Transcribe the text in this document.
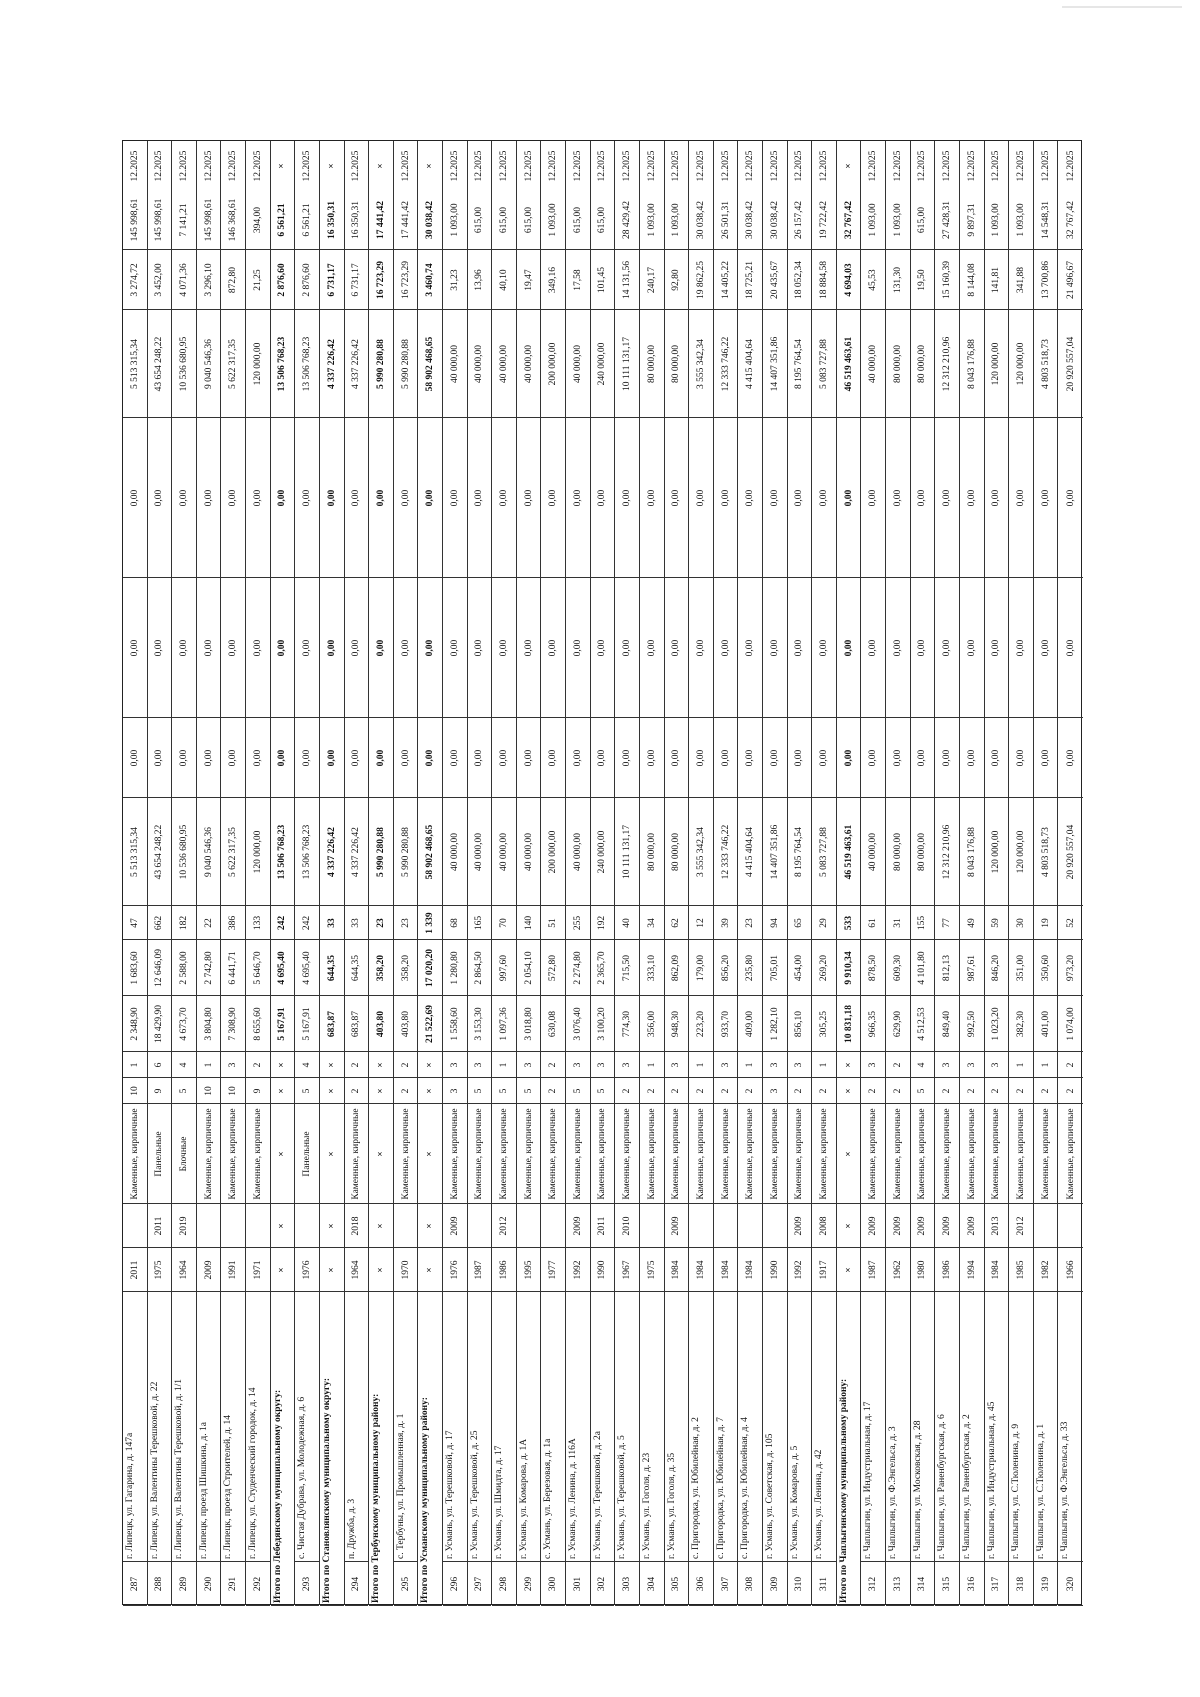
287
г. Липецк, ул. Гагарина, д. 147а
2011
Каменные, кирпичные
10
1
2 348,90
1 683,60
47
5 513 315,34
0,00
0,00
0,00
5 513 315,34
3 274,72
145 998,61
12.2025
288
г. Липецк, ул. Валентины Терешковой, д. 22
1975
2011
Панельные
9
6
18 429,90
12 646,09
662
43 654 248,22
0,00
0,00
0,00
43 654 248,22
3 452,00
145 998,61
12.2025
289
г. Липецк, ул. Валентины Терешковой, д. 1/1
1964
2019
Блочные
5
4
4 673,70
2 588,00
182
10 536 680,95
0,00
0,00
0,00
10 536 680,95
4 071,36
7 141,21
12.2025
290
г. Липецк, проезд Шишкина, д. 1а
2009
Каменные, кирпичные
10
1
3 804,80
2 742,80
22
9 040 546,36
0,00
0,00
0,00
9 040 546,36
3 296,10
145 998,61
12.2025
291
г. Липецк, проезд Строителей, д. 14
1991
Каменные, кирпичные
10
3
7 308,90
6 441,71
386
5 622 317,35
0,00
0,00
0,00
5 622 317,35
872,80
146 368,61
12.2025
292
г. Липецк, ул. Студенческий городок, д. 14
1971
Каменные, кирпичные
9
2
8 655,60
5 646,70
133
120 000,00
0,00
0,00
0,00
120 000,00
21,25
394,00
12.2025
Итого по Лебедянскому муниципальному округу:
×
×
×
×
×
5 167,91
4 695,40
242
13 506 768,23
0,00
0,00
0,00
13 506 768,23
2 876,60
6 561,21
×
293
с. Чистая Дубрава, ул. Молодежная, д. 6
1976
Панельные
5
4
5 167,91
4 695,40
242
13 506 768,23
0,00
0,00
0,00
13 506 768,23
2 876,60
6 561,21
12.2025
Итого по Становлянскому муниципальному округу:
×
×
×
×
×
683,87
644,35
33
4 337 226,42
0,00
0,00
0,00
4 337 226,42
6 731,17
16 350,31
×
294
п. Дружба, д. 3
1964
2018
Каменные, кирпичные
2
2
683,87
644,35
33
4 337 226,42
0,00
0,00
0,00
4 337 226,42
6 731,17
16 350,31
12.2025
Итого по Тербунскому муниципальному району:
×
×
×
×
×
403,80
358,20
23
5 990 280,88
0,00
0,00
0,00
5 990 280,88
16 723,29
17 441,42
×
295
с. Тербуны, ул. Промышленная, д. 1
1970
Каменные, кирпичные
2
2
403,80
358,20
23
5 990 280,88
0,00
0,00
0,00
5 990 280,88
16 723,29
17 441,42
12.2025
Итого по Усманскому муниципальному району:
×
×
×
×
×
21 522,69
17 020,20
1 339
58 902 468,65
0,00
0,00
0,00
58 902 468,65
3 460,74
30 038,42
×
296
г. Усмань, ул. Терешковой, д. 17
1976
2009
Каменные, кирпичные
3
3
1 558,60
1 280,80
68
40 000,00
0,00
0,00
0,00
40 000,00
31,23
1 093,00
12.2025
297
г. Усмань, ул. Терешковой, д. 25
1987
Каменные, кирпичные
5
3
3 153,30
2 864,50
165
40 000,00
0,00
0,00
0,00
40 000,00
13,96
615,00
12.2025
298
г. Усмань, ул. Шмидта, д. 17
1986
2012
Каменные, кирпичные
5
1
1 097,36
997,60
70
40 000,00
0,00
0,00
0,00
40 000,00
40,10
615,00
12.2025
299
г. Усмань, ул. Комарова, д. 1А
1995
Каменные, кирпичные
5
3
3 018,80
2 054,10
140
40 000,00
0,00
0,00
0,00
40 000,00
19,47
615,00
12.2025
300
с. Усмань, ул. Березовая, д. 1а
1977
Каменные, кирпичные
2
2
630,08
572,80
51
200 000,00
0,00
0,00
0,00
200 000,00
349,16
1 093,00
12.2025
301
г. Усмань, ул. Ленина, д. 116А
1992
2009
Каменные, кирпичные
5
3
3 076,40
2 274,80
255
40 000,00
0,00
0,00
0,00
40 000,00
17,58
615,00
12.2025
302
г. Усмань, ул. Терешковой, д. 2а
1990
2011
Каменные, кирпичные
5
3
3 100,20
2 365,70
192
240 000,00
0,00
0,00
0,00
240 000,00
101,45
615,00
12.2025
303
г. Усмань, ул. Терешковой, д. 5
1967
2010
Каменные, кирпичные
2
3
774,30
715,50
40
10 111 131,17
0,00
0,00
0,00
10 111 131,17
14 131,56
28 429,42
12.2025
304
г. Усмань, ул. Гоголя, д. 23
1975
Каменные, кирпичные
2
1
356,00
333,10
34
80 000,00
0,00
0,00
0,00
80 000,00
240,17
1 093,00
12.2025
305
г. Усмань, ул. Гоголя, д. 35
1984
2009
Каменные, кирпичные
2
3
948,30
862,09
62
80 000,00
0,00
0,00
0,00
80 000,00
92,80
1 093,00
12.2025
306
с. Пригородка, ул. Юбилейная, д. 2
1984
Каменные, кирпичные
2
1
223,20
179,00
12
3 555 342,34
0,00
0,00
0,00
3 555 342,34
19 862,25
30 038,42
12.2025
307
с. Пригородка, ул. Юбилейная, д. 7
1984
Каменные, кирпичные
2
3
933,70
856,20
39
12 333 746,22
0,00
0,00
0,00
12 333 746,22
14 405,22
26 501,31
12.2025
308
с. Пригородка, ул. Юбилейная, д. 4
1984
Каменные, кирпичные
2
1
409,00
235,80
23
4 415 404,64
0,00
0,00
0,00
4 415 404,64
18 725,21
30 038,42
12.2025
309
г. Усмань, ул. Советская, д. 105
1990
Каменные, кирпичные
3
3
1 282,10
705,01
94
14 407 351,86
0,00
0,00
0,00
14 407 351,86
20 435,67
30 038,42
12.2025
310
г. Усмань, ул. Комарова, д. 5
1992
2009
Каменные, кирпичные
2
3
856,10
454,00
65
8 195 764,54
0,00
0,00
0,00
8 195 764,54
18 052,34
26 157,42
12.2025
311
г. Усмань, ул. Ленина, д. 42
1917
2008
Каменные, кирпичные
2
1
305,25
269,20
29
5 083 727,88
0,00
0,00
0,00
5 083 727,88
18 884,58
19 722,42
12.2025
Итого по Чаплыгинскому муниципальному району:
×
×
×
×
×
10 831,18
9 910,34
533
46 519 463,61
0,00
0,00
0,00
46 519 463,61
4 694,03
32 767,42
×
312
г. Чаплыгин, ул. Индустриальная, д. 17
1987
2009
Каменные, кирпичные
2
3
966,35
878,50
61
40 000,00
0,00
0,00
0,00
40 000,00
45,53
1 093,00
12.2025
313
г. Чаплыгин, ул. Ф.Энгельса, д. 3
1962
2009
Каменные, кирпичные
2
2
629,90
609,30
31
80 000,00
0,00
0,00
0,00
80 000,00
131,30
1 093,00
12.2025
314
г. Чаплыгин, ул. Московская, д. 28
1980
2009
Каменные, кирпичные
5
4
4 512,53
4 101,80
155
80 000,00
0,00
0,00
0,00
80 000,00
19,50
615,00
12.2025
315
г. Чаплыгин, ул. Раненбургская, д. 6
1986
2009
Каменные, кирпичные
2
3
849,40
812,13
77
12 312 210,96
0,00
0,00
0,00
12 312 210,96
15 160,39
27 428,31
12.2025
316
г. Чаплыгин, ул. Раненбургская, д. 2
1994
2009
Каменные, кирпичные
2
3
992,50
987,61
49
8 043 176,88
0,00
0,00
0,00
8 043 176,88
8 144,08
9 897,31
12.2025
317
г. Чаплыгин, ул. Индустриальная, д. 45
1984
2013
Каменные, кирпичные
2
3
1 023,20
846,20
59
120 000,00
0,00
0,00
0,00
120 000,00
141,81
1 093,00
12.2025
318
г. Чаплыгин, ул. С.Тюленина, д. 9
1985
2012
Каменные, кирпичные
2
1
382,30
351,00
30
120 000,00
0,00
0,00
0,00
120 000,00
341,88
1 093,00
12.2025
319
г. Чаплыгин, ул. С.Тюленина, д. 1
1982
Каменные, кирпичные
2
1
401,00
350,60
19
4 803 518,73
0,00
0,00
0,00
4 803 518,73
13 700,86
14 548,31
12.2025
320
г. Чаплыгин, ул. Ф.Энгельса, д. 33
1966
Каменные, кирпичные
2
2
1 074,00
973,20
52
20 920 557,04
0,00
0,00
0,00
20 920 557,04
21 496,67
32 767,42
12.2025
